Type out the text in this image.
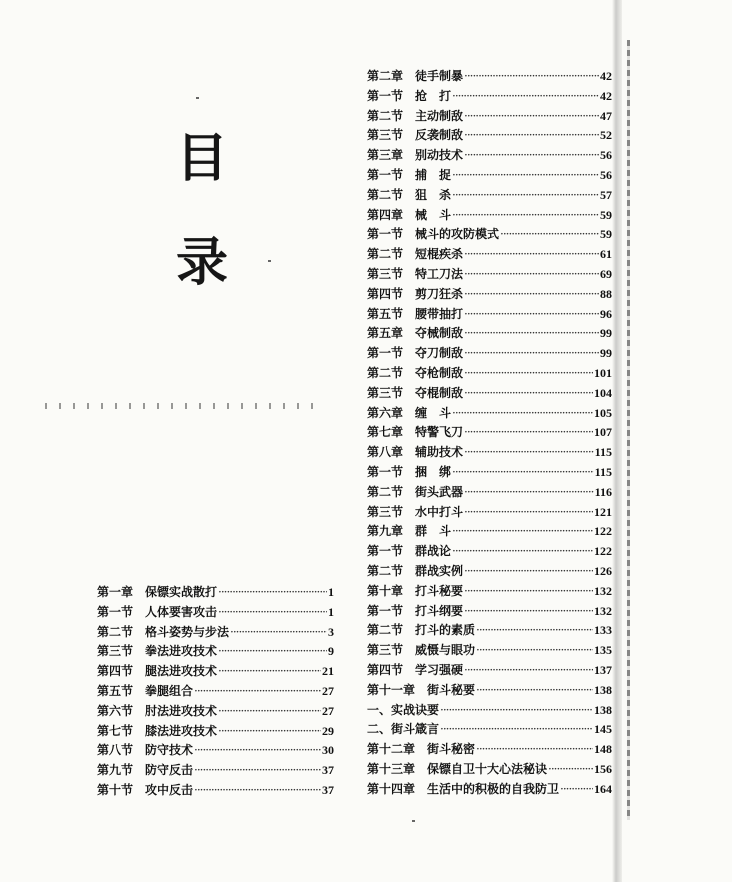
目
录
第一章　保镖实战散打 ·····	1
第一节　人体要害攻击 ·····	1
第二节　格斗姿势与步法 ·····	3
第三节　拳法进攻技术 ·····	9
第四节　腿法进攻技术 ·····	21
第五节　拳腿组合 ·····	27
第六节　肘法进攻技术 ·····	27
第七节　膝法进攻技术 ·····	29
第八节　防守技术 ·····	30
第九节　防守反击 ·····	37
第十节　攻中反击 ·····	37
第二章　徒手制暴 ·····	42
第一节　抢　打 ·····	42
第二节　主动制敌 ·····	47
第三节　反袭制敌 ·····	52
第三章　别动技术 ·····	56
第一节　捕　捉 ·····	56
第二节　狙　杀 ·····	57
第四章　械　斗 ·····	59
第一节　械斗的攻防模式 ·····	59
第二节　短棍疾杀 ·····	61
第三节　特工刀法 ·····	69
第四节　剪刀狂杀 ·····	88
第五节　腰带抽打 ·····	96
第五章　夺械制敌 ·····	99
第一节　夺刀制敌 ·····	99
第二节　夺枪制敌 ·····	101
第三节　夺棍制敌 ·····	104
第六章　缠　斗 ·····	105
第七章　特警飞刀 ·····	107
第八章　辅助技术 ·····	115
第一节　捆　绑 ·····	115
第二节　街头武器 ·····	116
第三节　水中打斗 ·····	121
第九章　群　斗 ·····	122
第一节　群战论 ·····	122
第二节　群战实例 ·····	126
第十章　打斗秘要 ·····	132
第一节　打斗纲要 ·····	132
第二节　打斗的素质 ·····	133
第三节　威慑与眼功 ·····	135
第四节　学习强硬 ·····	137
第十一章　街斗秘要 ·····	138
一、实战诀要 ·····	138
二、街斗箴言 ·····	145
第十二章　街斗秘密 ·····	148
第十三章　保镖自卫十大心法秘诀 ·····	156
第十四章　生活中的积极的自我防卫 ·····	164
